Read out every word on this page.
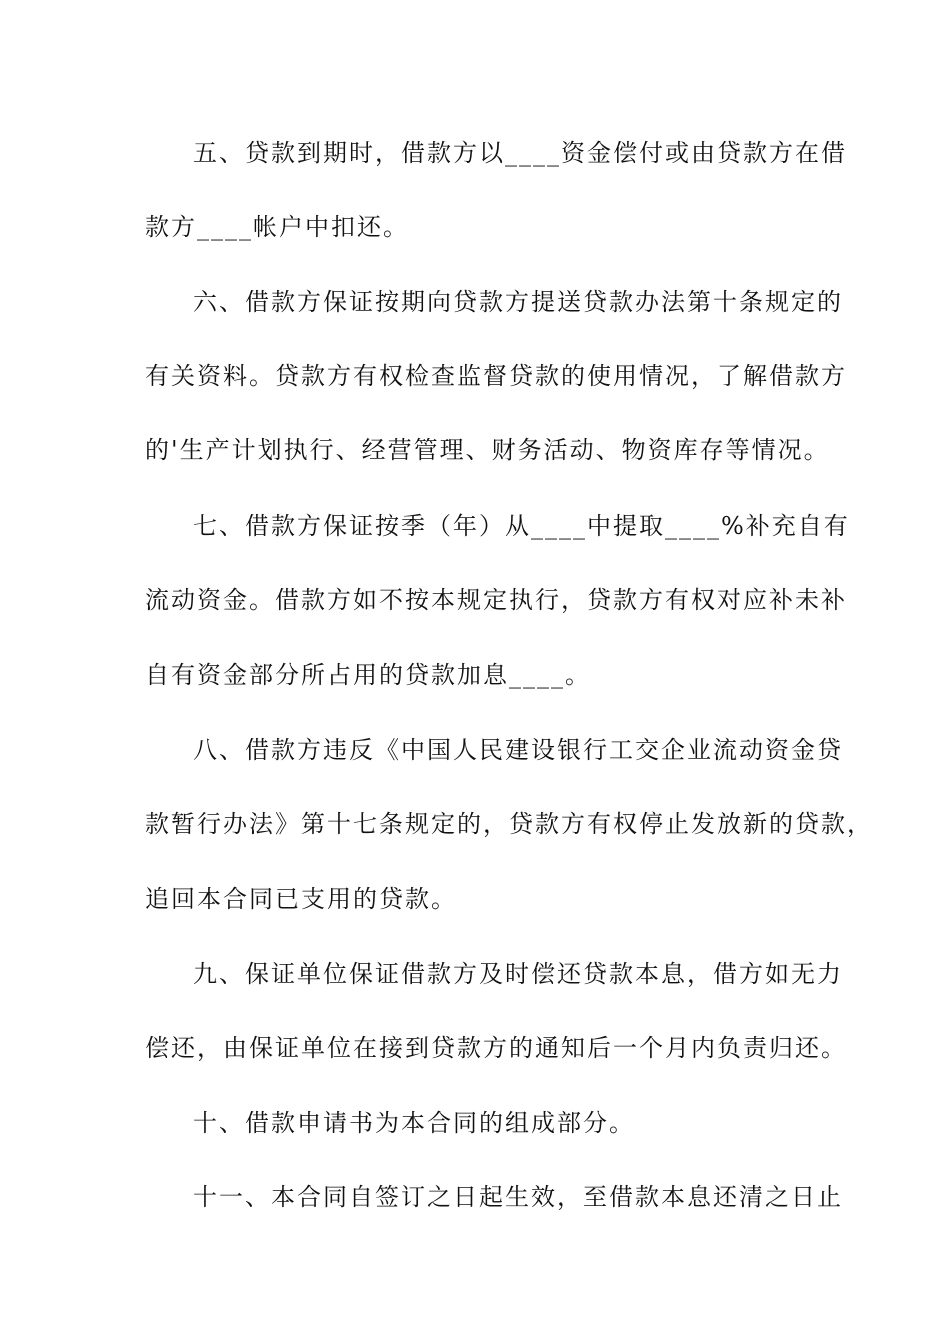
五、贷款到期时，借款方以____资金偿付或由贷款方在借
款方____帐户中扣还。
六、借款方保证按期向贷款方提送贷款办法第十条规定的
有关资料。贷款方有权检查监督贷款的使用情况，了解借款方
的'生产计划执行、经营管理、财务活动、物资库存等情况。
七、借款方保证按季（年）从____中提取____%补充自有
流动资金。借款方如不按本规定执行，贷款方有权对应补未补
自有资金部分所占用的贷款加息____。
八、借款方违反《中国人民建设银行工交企业流动资金贷
款暂行办法》第十七条规定的，贷款方有权停止发放新的贷款，
追回本合同已支用的贷款。
九、保证单位保证借款方及时偿还贷款本息，借方如无力
偿还，由保证单位在接到贷款方的通知后一个月内负责归还。
十、借款申请书为本合同的组成部分。
十一、本合同自签订之日起生效，至借款本息还清之日止
